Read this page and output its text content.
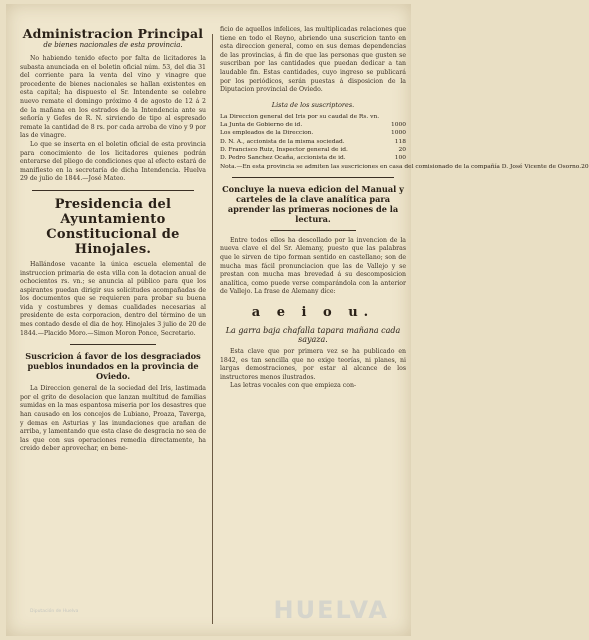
Administracion Principal

de bienes nacionales de esta provincia.

No habiendo tenido efecto por falta de licitadores la subasta anunciada en el boletin oficial núm. 53, del dia 31 del corriente para la venta del vino y vinagre que procedente de bienes nacionales se hallan existentes en esta capital; ha dispuesto el Sr. Intendente se celebre nuevo remate el domingo próximo 4 de agosto de 12 á 2 de la mañana en los estrados de la Intendencia ante su señoría y Gefes de R. N. sirviendo de tipo al espresado remate la cantidad de 8 rs. por cada arroba de vino y 9 por las de vinagre.

Lo que se inserta en el boletin oficial de esta provincia para conocimiento de los licitadores quienes podrán enterarse del pliego de condiciones que al efecto estará de manifiesto en la secretaría de dicha Intendencia. Huelva 29 de julio de 1844.—José Mateo.

Presidencia del Ayuntamiento Constitucional de Hinojales.

Hallándose vacante la única escuela elemental de instruccion primaria de esta villa con la dotacion anual de ochocientos rs. vn.; se anuncia al público para que los aspirantes puedan dirigir sus solicitudes acompañadas de los documentos que se requieren para probar su buena vida y costumbres y demas cualidades necesarias al presidente de esta corporacion, dentro del término de un mes contado desde el dia de hoy. Hinojales 3 julio de 20 de 1844.—Placido Moro.—Simon Moron Ponce, Secretario.

Suscricion á favor de los desgraciados pueblos inundados en la provincia de Oviedo.

La Direccion general de la sociedad del Iris, lastimada por el grito de desolacion que lanzan multitud de familias sumidas en la mas espantosa miseria por los desastres que han causado en los concejos de Lubiano, Proaza, Taverga, y demas en Asturias y las inundaciones que arañan de arriba, y lamentando que esta clase de desgracia no sea de las que con sus operaciones remedia directamente, ha creido deber aprovechar, en bene-

ficio de aquellos infelices, las multiplicadas relaciones que tiene en todo el Reyno, abriendo una suscricion tanto en esta direccion general, como en sus demas dependencias de las provincias, á fin de que las personas que gusten se suscriban por las cantidades que puedan dedicar a tan laudable fin. Estas cantidades, cuyo ingreso se publicará por los periódicos, serán puestas á disposicion de la Diputacion provincial de Oviedo.

Lista de los suscriptores.

La Direccion general del Iris por su caudal de Rs. vn.
La Junta de Gobierno de id.	1000
Los empleados de la Direccion.	1000
D. N. A., accionista de la misma sociedad.	118
D. Francisco Ruiz, Inspector general de id.	20
D. Pedro Sanchez Ocaña, accionista de id.	100
Nota.—En esta provincia se admiten las suscriciones en casa del comisionado de la compañía D. José Vicente de Osorno. 20

Concluye la nueva edicion del Manual y carteles de la clave analítica para aprender las primeras nociones de la lectura.

Entre todos ellos ha descollado por la invencion de la nueva clave el del Sr. Alemany, puesto que las palabras que le sirven de tipo forman sentido en castellano; son de mucha mas fácil pronunciacion que las de Vallejo y se prestan con mucha mas brevedad á su descomposicion analítica, como puede verse comparándola con la anterior de Vallejo. La frase de Alemany dice:

a e i o u.

La garra baja chafalla tapara mañana cada sayaza.

Esta clave que por primera vez se ha publicado en 1842, es tan sencilla que no exige teorías, ni planes, ni largas demostraciones, por estar al alcance de los instructores menos ilustrados.

Las letras vocales con que empieza con-

Diputación de Huelva	HUELVA
